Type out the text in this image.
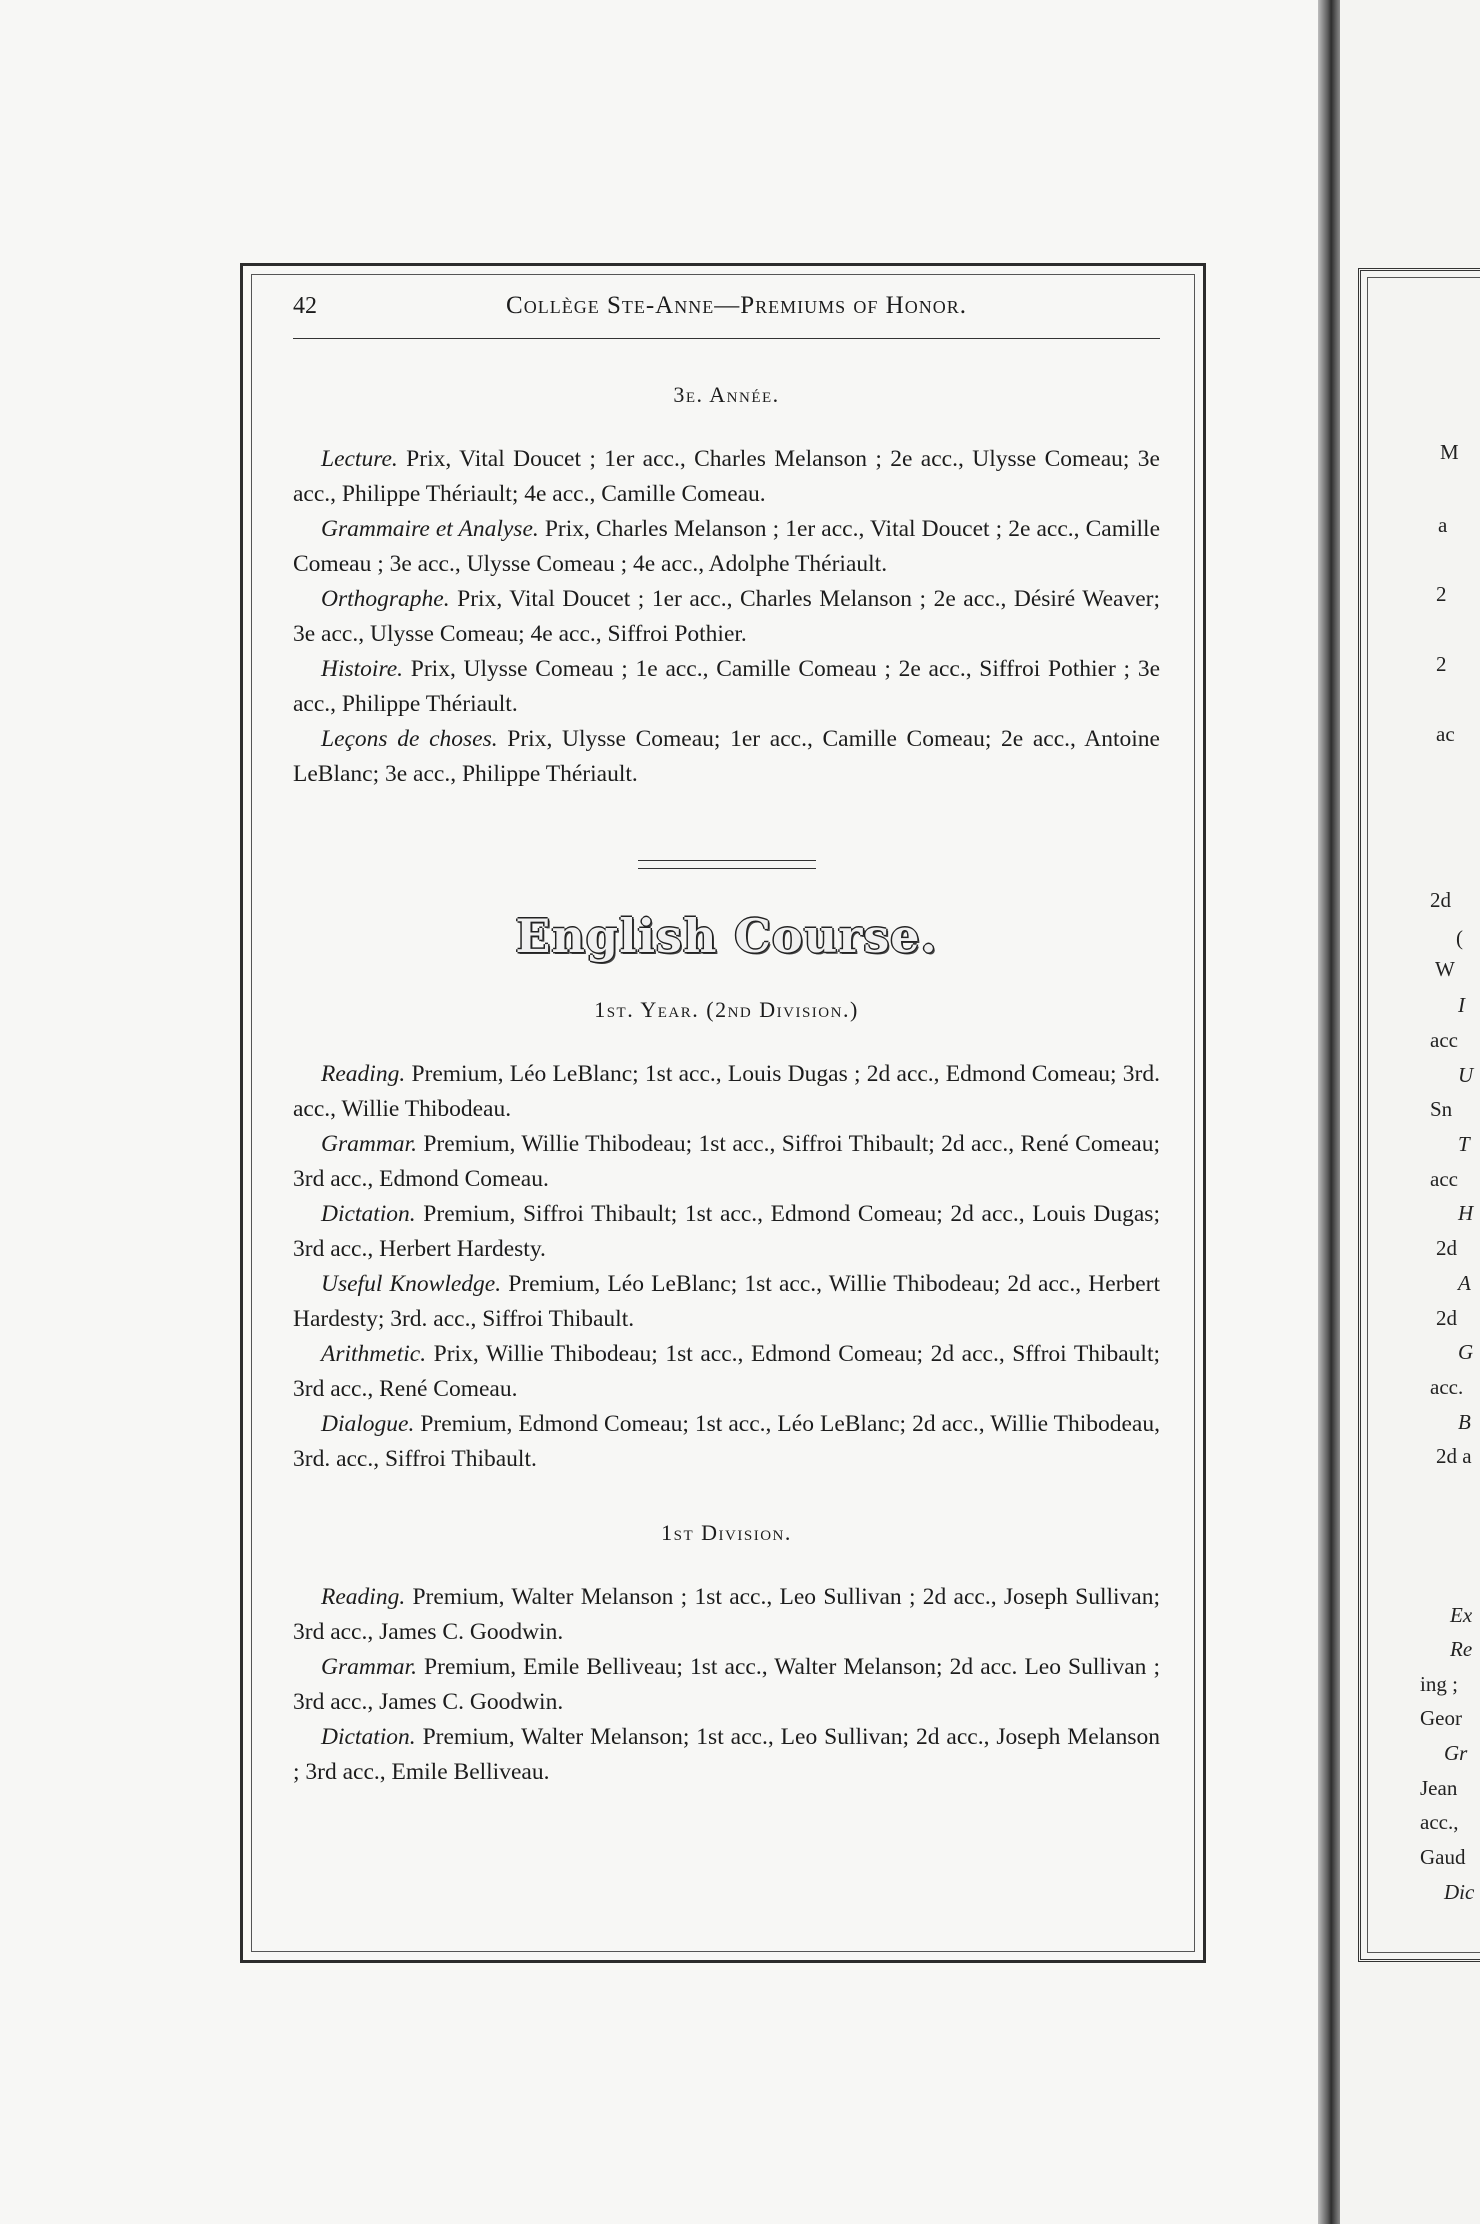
M
a
2
2
ac
2d
(
W
I
acc
U
Sn
T
acc
H
2d
A
2d
G
acc.
B
2d a
Ex
Re
ing ;
Geor
Gr
Jean
acc.,
Gaud
Dic
42	Collège Ste-Anne—Premiums of Honor.
3e. Année.

Lecture. Prix, Vital Doucet ; 1er acc., Charles Melanson ; 2e acc., Ulysse Comeau; 3e acc., Philippe Thériault; 4e acc., Camille Comeau.

Grammaire et Analyse. Prix, Charles Melanson ; 1er acc., Vital Doucet ; 2e acc., Camille Comeau ; 3e acc., Ulysse Comeau ; 4e acc., Adolphe Thériault.

Orthographe. Prix, Vital Doucet ; 1er acc., Charles Melanson ; 2e acc., Désiré Weaver; 3e acc., Ulysse Comeau; 4e acc., Siffroi Pothier.

Histoire. Prix, Ulysse Comeau ; 1e acc., Camille Comeau ; 2e acc., Siffroi Pothier ; 3e acc., Philippe Thériault.

Leçons de choses. Prix, Ulysse Comeau; 1er acc., Camille Comeau; 2e acc., Antoine LeBlanc; 3e acc., Philippe Thériault.

English Course.
1st. Year. (2nd Division.)

Reading. Premium, Léo LeBlanc; 1st acc., Louis Dugas ; 2d acc., Edmond Comeau; 3rd. acc., Willie Thibodeau.

Grammar. Premium, Willie Thibodeau; 1st acc., Siffroi Thibault; 2d acc., René Comeau; 3rd acc., Edmond Comeau.

Dictation. Premium, Siffroi Thibault; 1st acc., Edmond Comeau; 2d acc., Louis Dugas; 3rd acc., Herbert Hardesty.

Useful Knowledge. Premium, Léo LeBlanc; 1st acc., Willie Thibodeau; 2d acc., Herbert Hardesty; 3rd. acc., Siffroi Thibault.

Arithmetic. Prix, Willie Thibodeau; 1st acc., Edmond Comeau; 2d acc., Sffroi Thibault; 3rd acc., René Comeau.

Dialogue. Premium, Edmond Comeau; 1st acc., Léo LeBlanc; 2d acc., Willie Thibodeau, 3rd. acc., Siffroi Thibault.

1st Division.

Reading. Premium, Walter Melanson ; 1st acc., Leo Sullivan ; 2d acc., Joseph Sullivan; 3rd acc., James C. Goodwin.

Grammar. Premium, Emile Belliveau; 1st acc., Walter Melanson; 2d acc. Leo Sullivan ; 3rd acc., James C. Goodwin.

Dictation. Premium, Walter Melanson; 1st acc., Leo Sullivan; 2d acc., Joseph Melanson ; 3rd acc., Emile Belliveau.
